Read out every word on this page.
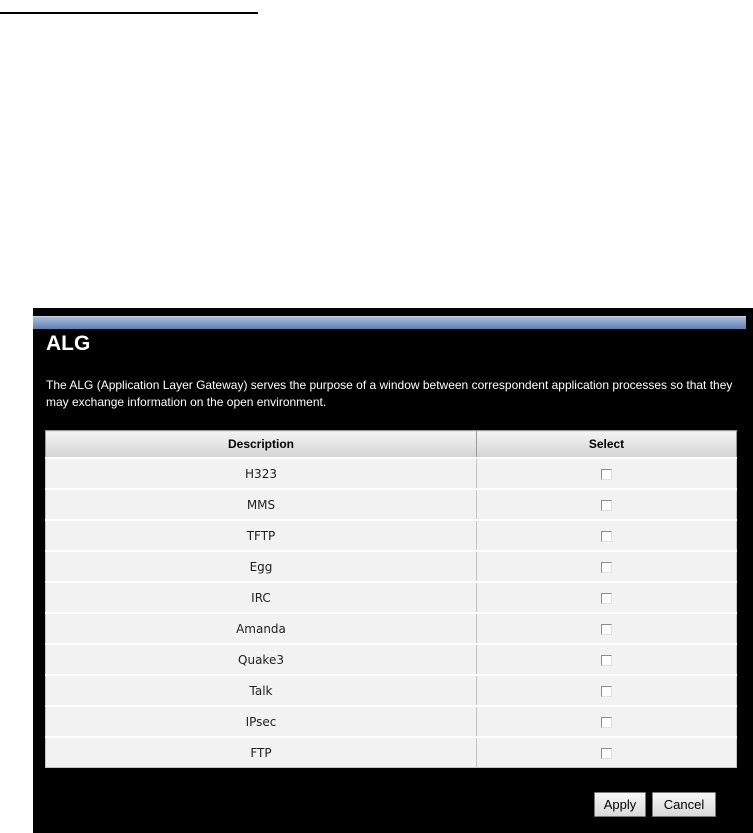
ALG

The ALG (Application Layer Gateway) serves the purpose of a window between correspondent application processes so that they may exchange information on the open environment.

Description	Select
H323	
MMS	
TFTP	
Egg	
IRC	
Amanda	
Quake3	
Talk	
IPsec	
FTP	
Apply	Cancel
